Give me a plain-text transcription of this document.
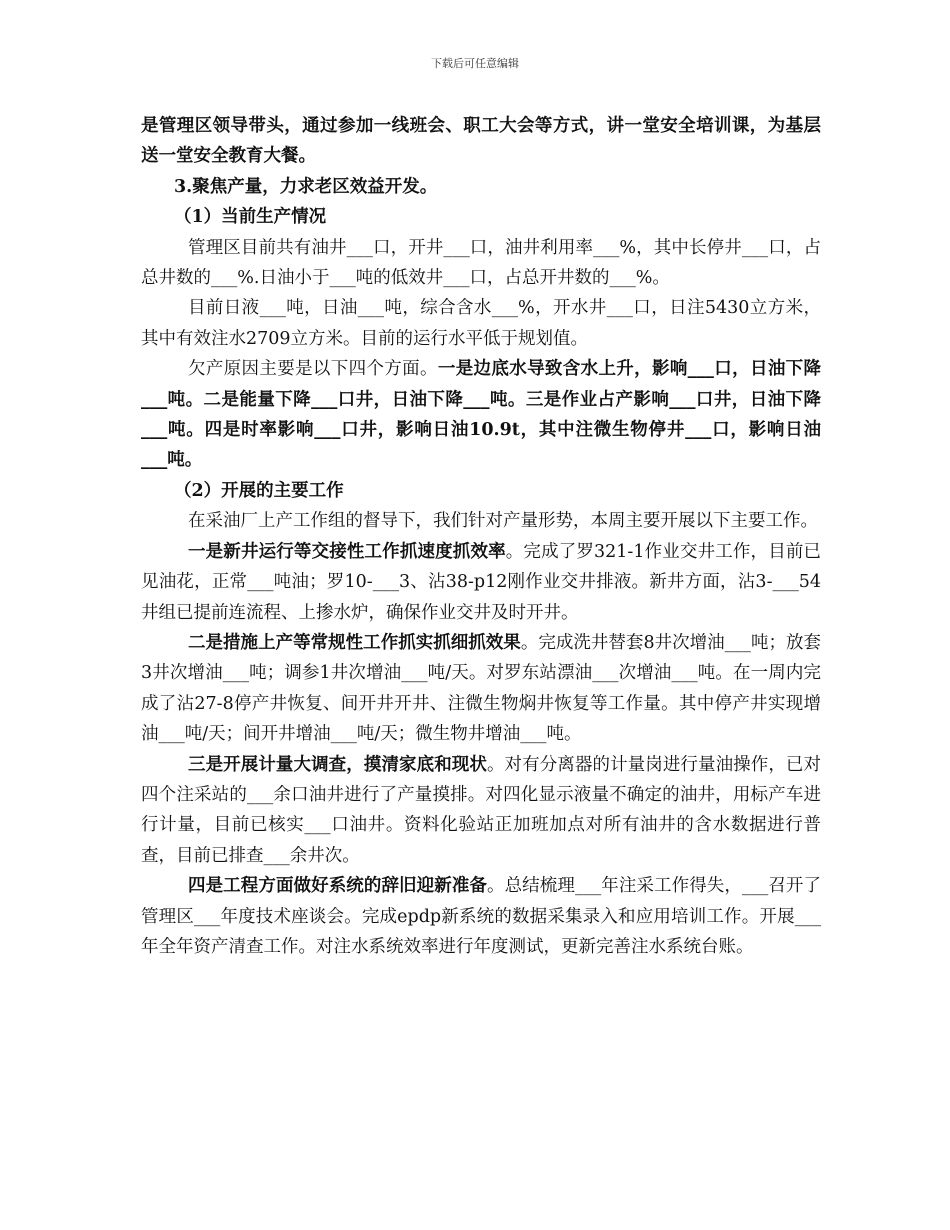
下载后可任意编辑

是管理区领导带头，通过参加一线班会、职工大会等方式，讲一堂安全培训课，为基层送一堂安全教育大餐。

3.聚焦产量，力求老区效益开发。

（1）当前生产情况

管理区目前共有油井___口，开井___口，油井利用率___%，其中长停井___口，占总井数的___%.日油小于___吨的低效井___口，占总开井数的___%。

目前日液___吨，日油___吨，综合含水___%，开水井___口，日注5430立方米，其中有效注水2709立方米。目前的运行水平低于规划值。

欠产原因主要是以下四个方面。一是边底水导致含水上升，影响___口，日油下降___吨。二是能量下降___口井，日油下降___吨。三是作业占产影响___口井，日油下降___吨。四是时率影响___口井，影响日油10.9t，其中注微生物停井___口，影响日油___吨。

（2）开展的主要工作

在采油厂上产工作组的督导下，我们针对产量形势，本周主要开展以下主要工作。

一是新井运行等交接性工作抓速度抓效率。完成了罗321-1作业交井工作，目前已见油花，正常___吨油；罗10-___3、沾38-p12刚作业交井排液。新井方面，沾3-___54井组已提前连流程、上掺水炉，确保作业交井及时开井。

二是措施上产等常规性工作抓实抓细抓效果。完成洗井替套8井次增油___吨；放套3井次增油___吨；调参1井次增油___吨/天。对罗东站漂油___次增油___吨。在一周内完成了沾27-8停产井恢复、间开井开井、注微生物焖井恢复等工作量。其中停产井实现增油___吨/天；间开井增油___吨/天；微生物井增油___吨。

三是开展计量大调查，摸清家底和现状。对有分离器的计量岗进行量油操作，已对四个注采站的___余口油井进行了产量摸排。对四化显示液量不确定的油井，用标产车进行计量，目前已核实___口油井。资料化验站正加班加点对所有油井的含水数据进行普查，目前已排查___余井次。

四是工程方面做好系统的辞旧迎新准备。总结梳理___年注采工作得失，___召开了管理区___年度技术座谈会。完成epdp新系统的数据采集录入和应用培训工作。开展___年全年资产清查工作。对注水系统效率进行年度测试，更新完善注水系统台账。
